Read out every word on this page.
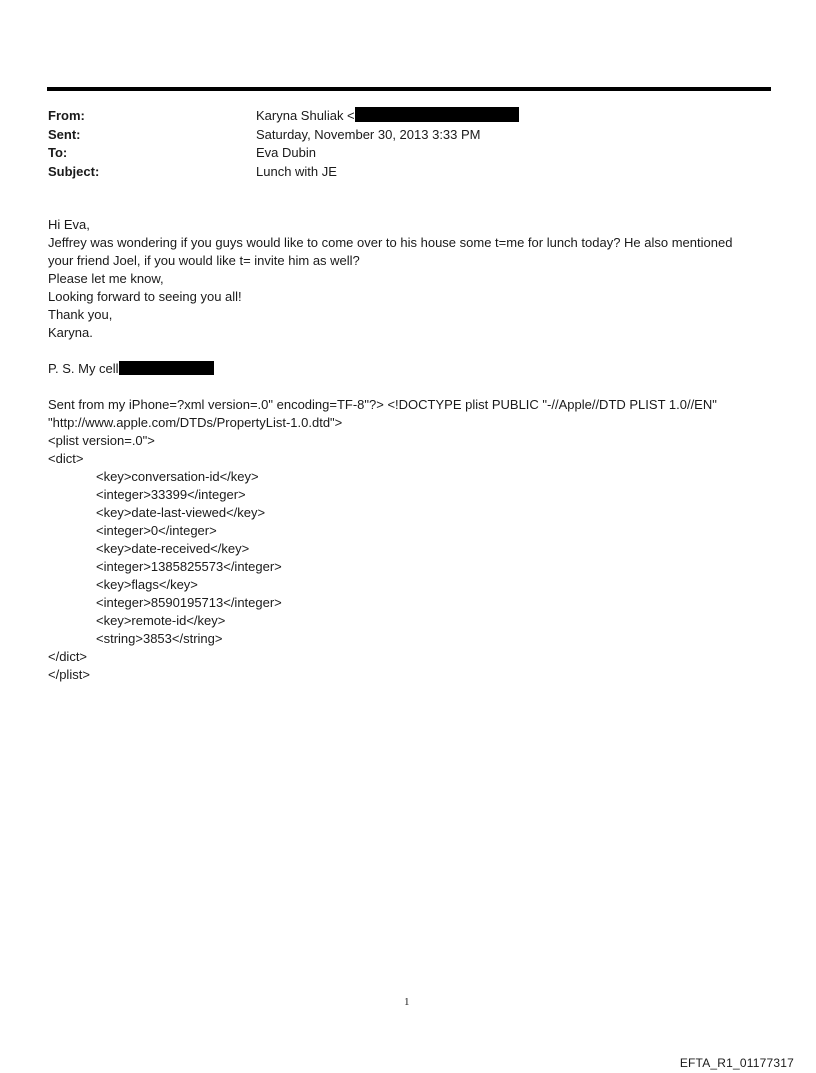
From:	Karyna Shuliak <
Sent:	Saturday, November 30, 2013 3:33 PM
To:	Eva Dubin
Subject:	Lunch with JE

Hi Eva,

Jeffrey was wondering if you guys would like to come over to his house some t=me for lunch today? He also mentioned

your friend Joel, if you would like t= invite him as well?

Please let me know,

Looking forward to seeing you all!

Thank you,

Karyna.

P. S. My cell

Sent from my iPhone=?xml version=.0" encoding=TF-8"?> <!DOCTYPE plist PUBLIC "-//Apple//DTD PLIST 1.0//EN"

"http://www.apple.com/DTDs/PropertyList-1.0.dtd">

<plist version=.0">

<dict>

<key>conversation-id</key>

<integer>33399</integer>

<key>date-last-viewed</key>

<integer>0</integer>

<key>date-received</key>

<integer>1385825573</integer>

<key>flags</key>

<integer>8590195713</integer>

<key>remote-id</key>

<string>3853</string>

</dict>

</plist>

1
EFTA_R1_01177317
